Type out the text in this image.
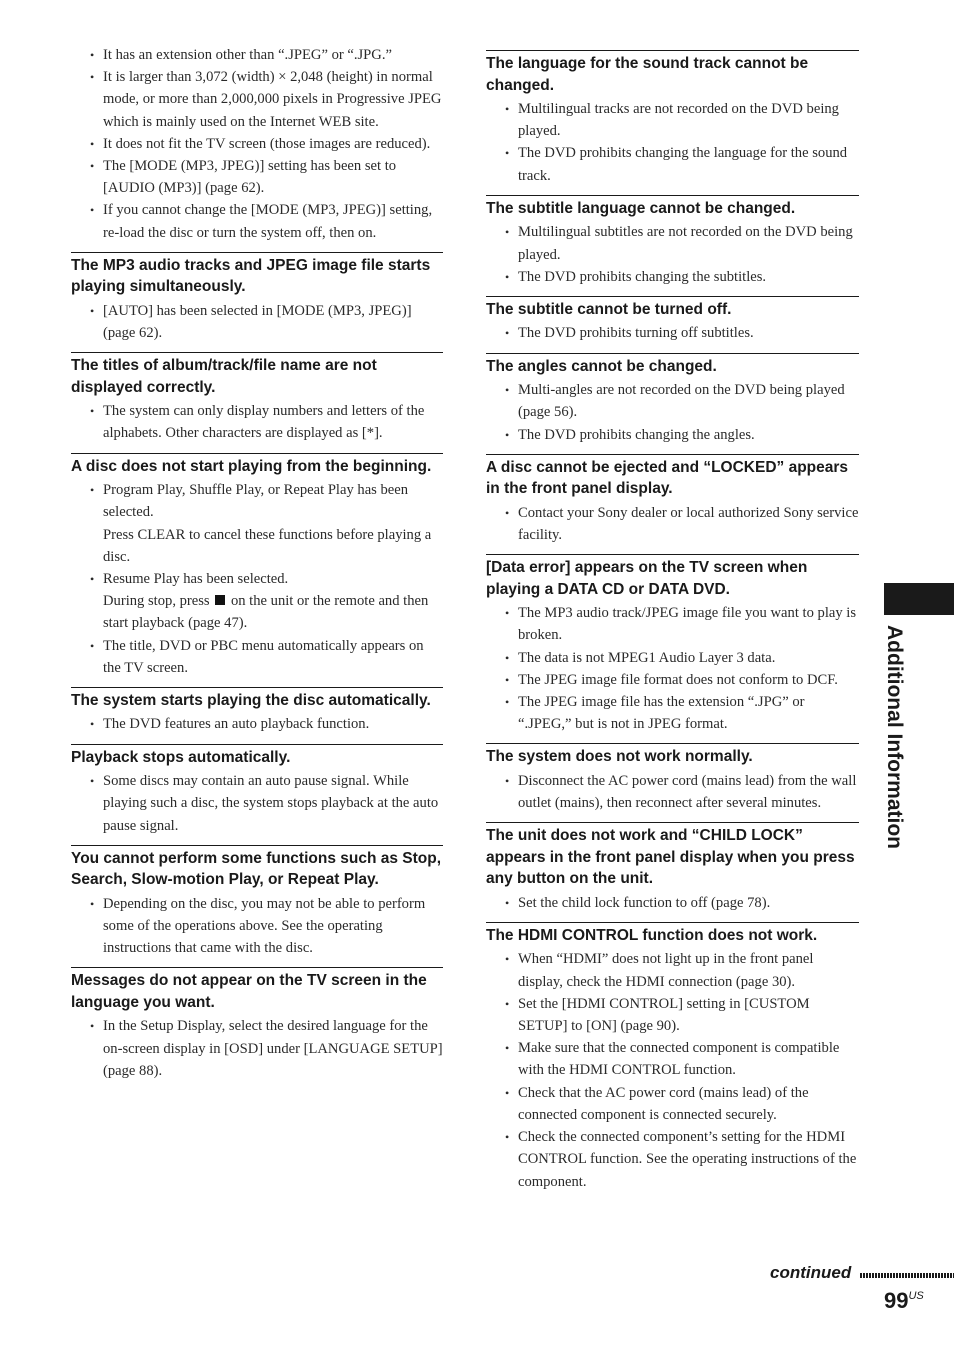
• It has an extension other than “.JPEG” or “.JPG.”
• It is larger than 3,072 (width) × 2,048 (height) in normal mode, or more than 2,000,000 pixels in Progressive JPEG which is mainly used on the Internet WEB site.
• It does not fit the TV screen (those images are reduced).
• The [MODE (MP3, JPEG)] setting has been set to [AUDIO (MP3)] (page 62).
• If you cannot change the [MODE (MP3, JPEG)] setting, re-load the disc or turn the system off, then on.
The MP3 audio tracks and JPEG image file starts playing simultaneously.
• [AUTO] has been selected in [MODE (MP3, JPEG)] (page 62).
The titles of album/track/file name are not displayed correctly.
• The system can only display numbers and letters of the alphabets. Other characters are displayed as [*].
A disc does not start playing from the beginning.
• Program Play, Shuffle Play, or Repeat Play has been selected.
Press CLEAR to cancel these functions before playing a disc.
• Resume Play has been selected.
During stop, press on the unit or the remote and then start playback (page 47).
• The title, DVD or PBC menu automatically appears on the TV screen.
The system starts playing the disc automatically.
• The DVD features an auto playback function.
Playback stops automatically.
• Some discs may contain an auto pause signal. While playing such a disc, the system stops playback at the auto pause signal.
You cannot perform some functions such as Stop, Search, Slow-motion Play, or Repeat Play.
• Depending on the disc, you may not be able to perform some of the operations above. See the operating instructions that came with the disc.
Messages do not appear on the TV screen in the language you want.
• In the Setup Display, select the desired language for the on-screen display in [OSD] under [LANGUAGE SETUP] (page 88).
The language for the sound track cannot be changed.
• Multilingual tracks are not recorded on the DVD being played.
• The DVD prohibits changing the language for the sound track.
The subtitle language cannot be changed.
• Multilingual subtitles are not recorded on the DVD being played.
• The DVD prohibits changing the subtitles.
The subtitle cannot be turned off.
• The DVD prohibits turning off subtitles.
The angles cannot be changed.
• Multi-angles are not recorded on the DVD being played (page 56).
• The DVD prohibits changing the angles.
A disc cannot be ejected and “LOCKED” appears in the front panel display.
• Contact your Sony dealer or local authorized Sony service facility.
[Data error] appears on the TV screen when playing a DATA CD or DATA DVD.
• The MP3 audio track/JPEG image file you want to play is broken.
• The data is not MPEG1 Audio Layer 3 data.
• The JPEG image file format does not conform to DCF.
• The JPEG image file has the extension “.JPG” or “.JPEG,” but is not in JPEG format.
The system does not work normally.
• Disconnect the AC power cord (mains lead) from the wall outlet (mains), then reconnect after several minutes.
The unit does not work and “CHILD LOCK” appears in the front panel display when you press any button on the unit.
• Set the child lock function to off (page 78).
The HDMI CONTROL function does not work.
• When “HDMI” does not light up in the front panel display, check the HDMI connection (page 30).
• Set the [HDMI CONTROL] setting in [CUSTOM SETUP] to [ON] (page 90).
• Make sure that the connected component is compatible with the HDMI CONTROL function.
• Check that the AC power cord (mains lead) of the connected component is connected securely.
• Check the connected component’s setting for the HDMI CONTROL function. See the operating instructions of the component.
Additional Information
continued
$99^{US}$
